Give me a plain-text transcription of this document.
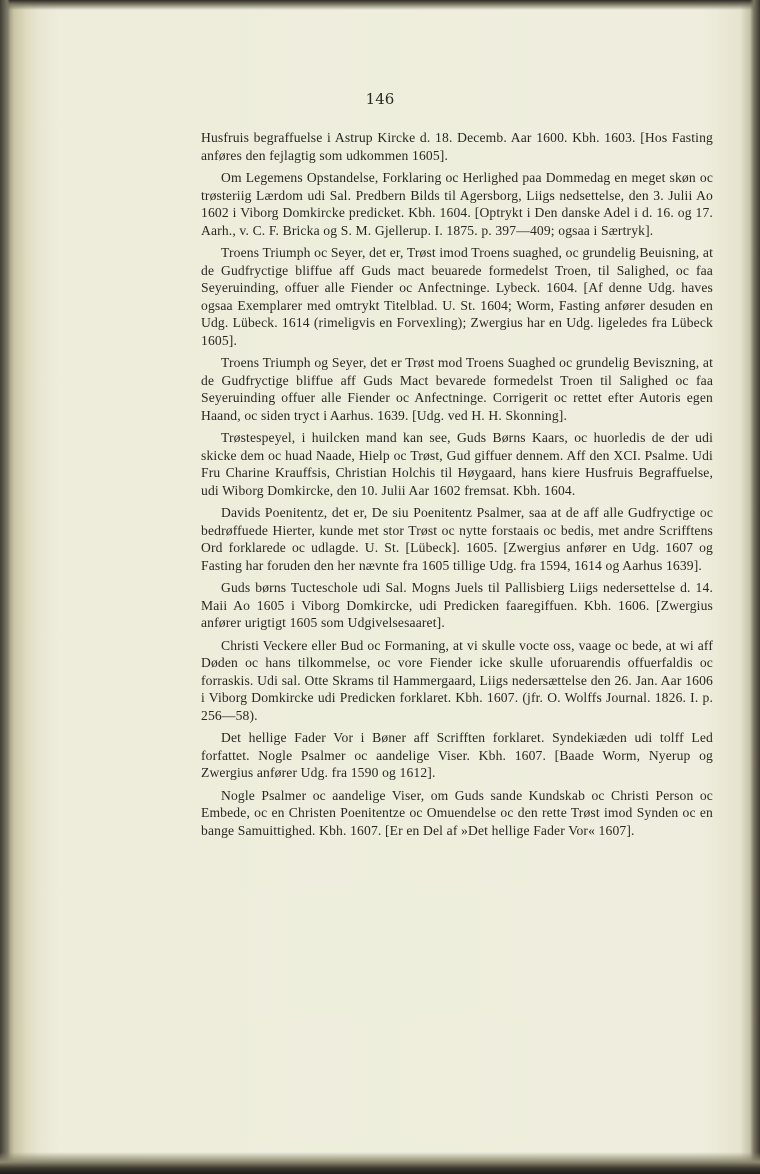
146

Husfruis begraffuelse i Astrup Kircke d. 18. Decemb. Aar 1600. Kbh. 1603. [Hos Fasting anføres den fejlagtig som udkommen 1605].

Om Legemens Opstandelse, Forklaring oc Herlighed paa Dommedag en meget skøn oc trøsteriig Lærdom udi Sal. Predbern Bilds til Agersborg, Liigs nedsettelse, den 3. Julii Ao 1602 i Viborg Domkircke predicket. Kbh. 1604. [Optrykt i Den danske Adel i d. 16. og 17. Aarh., v. C. F. Bricka og S. M. Gjellerup. I. 1875. p. 397—409; ogsaa i Særtryk].

Troens Triumph oc Seyer, det er, Trøst imod Troens suaghed, oc grundelig Beuisning, at de Gudfryctige bliffue aff Guds mact beuarede formedelst Troen, til Salighed, oc faa Seyeruinding, offuer alle Fiender oc Anfectninge. Lybeck. 1604. [Af denne Udg. haves ogsaa Exemplarer med omtrykt Titelblad. U. St. 1604; Worm, Fasting anfører desuden en Udg. Lübeck. 1614 (rimeligvis en Forvexling); Zwergius har en Udg. ligeledes fra Lübeck 1605].

Troens Triumph og Seyer, det er Trøst mod Troens Suaghed oc grundelig Beviszning, at de Gudfryctige bliffue aff Guds Mact bevarede formedelst Troen til Salighed oc faa Seyeruinding offuer alle Fiender oc Anfectninge. Corrigerit oc rettet efter Autoris egen Haand, oc siden tryct i Aarhus. 1639. [Udg. ved H. H. Skonning].

Trøstespeyel, i huilcken mand kan see, Guds Børns Kaars, oc huorledis de der udi skicke dem oc huad Naade, Hielp oc Trøst, Gud giffuer dennem. Aff den XCI. Psalme. Udi Fru Charine Krauffsis, Christian Holchis til Høygaard, hans kiere Husfruis Begraffuelse, udi Wiborg Domkircke, den 10. Julii Aar 1602 fremsat. Kbh. 1604.

Davids Poenitentz, det er, De siu Poenitentz Psalmer, saa at de aff alle Gudfryctige oc bedrøffuede Hierter, kunde met stor Trøst oc nytte forstaais oc bedis, met andre Scrifftens Ord forklarede oc udlagde. U. St. [Lübeck]. 1605. [Zwergius anfører en Udg. 1607 og Fasting har foruden den her nævnte fra 1605 tillige Udg. fra 1594, 1614 og Aarhus 1639].

Guds børns Tucteschole udi Sal. Mogns Juels til Pallisbierg Liigs nedersettelse d. 14. Maii Ao 1605 i Viborg Domkircke, udi Predicken faaregiffuen. Kbh. 1606. [Zwergius anfører urigtigt 1605 som Udgivelsesaaret].

Christi Veckere eller Bud oc Formaning, at vi skulle vocte oss, vaage oc bede, at wi aff Døden oc hans tilkommelse, oc vore Fiender icke skulle uforuarendis offuerfaldis oc forraskis. Udi sal. Otte Skrams til Hammergaard, Liigs nedersættelse den 26. Jan. Aar 1606 i Viborg Domkircke udi Predicken forklaret. Kbh. 1607. (jfr. O. Wolffs Journal. 1826. I. p. 256—58).

Det hellige Fader Vor i Bøner aff Scrifften forklaret. Syndekiæden udi tolff Led forfattet. Nogle Psalmer oc aandelige Viser. Kbh. 1607. [Baade Worm, Nyerup og Zwergius anfører Udg. fra 1590 og 1612].

Nogle Psalmer oc aandelige Viser, om Guds sande Kundskab oc Christi Person oc Embede, oc en Christen Poenitentze oc Omuendelse oc den rette Trøst imod Synden oc en bange Samuittighed. Kbh. 1607. [Er en Del af »Det hellige Fader Vor« 1607].
